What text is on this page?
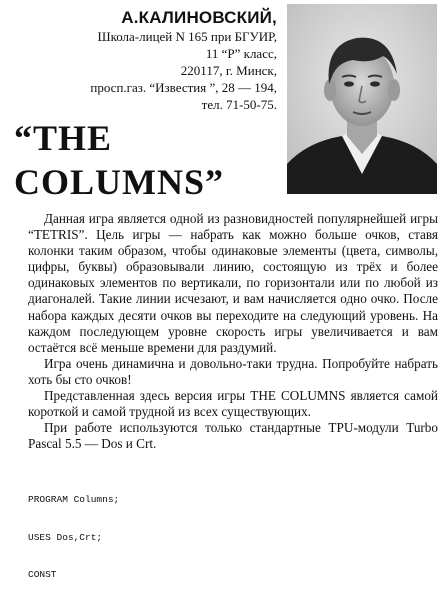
А.КАЛИНОВСКИЙ,
Школа-лицей N 165 при БГУИР,
11 “Р” класс,
220117, г. Минск,
просп.газ. “Известия ”, 28 — 194,
тел. 71-50-75.
“THE
COLUMNS”

Данная игра является одной из разновидностей популярнейшей игры “TETRIS”. Цель игры — набрать как можно больше очков, ставя колонки таким образом, чтобы одинаковые элементы (цвета, символы, цифры, буквы) образовывали линию, состоящую из трёх и более одинаковых элементов по вертикали, по горизонтали или по любой из диагоналей. Такие линии исчезают, и вам начисляется одно очко. После набора каждых десяти очков вы переходите на следующий уровень. На каждом последующем уровне скорость игры увеличивается и вам остаётся всё меньше времени для раздумий.

Игра очень динамична и довольно-таки трудна. Попробуйте набрать хоть бы сто очков!

Представленная здесь версия игры THE COLUMNS является самой короткой и самой трудной из всех существующих.

При работе используются только стандартные TPU-модули Turbo Pascal 5.5 — Dos и Crt.

PROGRAM Columns;

USES Dos,Crt;

CONST
